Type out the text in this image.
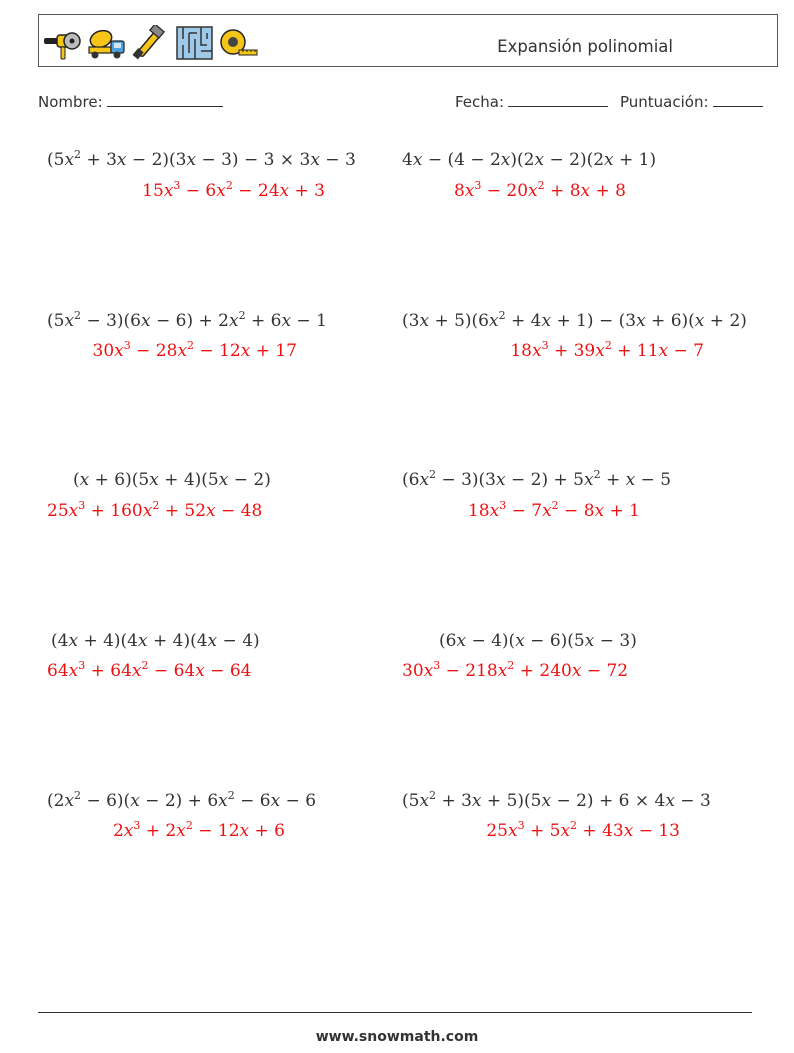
Expansión polinomial
Nombre:	Fecha:	Puntuación:
$(5x^2 + 3x - 2)(3x - 3) - 3 \times 3x - 3$
$15x^3 - 6x^2 - 24x + 3$
4x − (4 − 2x)(2x − 2)(2x + 1)
$8x^3 - 20x^2 + 8x + 8$
$(5x^2 - 3)(6x - 6) + 2x^2 + 6x - 1$
$30x^3 - 28x^2 - 12x + 17$
$(3x + 5)(6x^2 + 4x + 1) - (3x + 6)(x + 2)$
$18x^3 + 39x^2 + 11x - 7$
(x + 6)(5x + 4)(5x − 2)
$25x^3 + 160x^2 + 52x - 48$
$(6x^2 - 3)(3x - 2) + 5x^2 + x - 5$
$18x^3 - 7x^2 - 8x + 1$
(4x + 4)(4x + 4)(4x − 4)
$64x^3 + 64x^2 - 64x - 64$
(6x − 4)(x − 6)(5x − 3)
$30x^3 - 218x^2 + 240x - 72$
$(2x^2 - 6)(x - 2) + 6x^2 - 6x - 6$
$2x^3 + 2x^2 - 12x + 6$
$(5x^2 + 3x + 5)(5x - 2) + 6 \times 4x - 3$
$25x^3 + 5x^2 + 43x - 13$
www.snowmath.com
